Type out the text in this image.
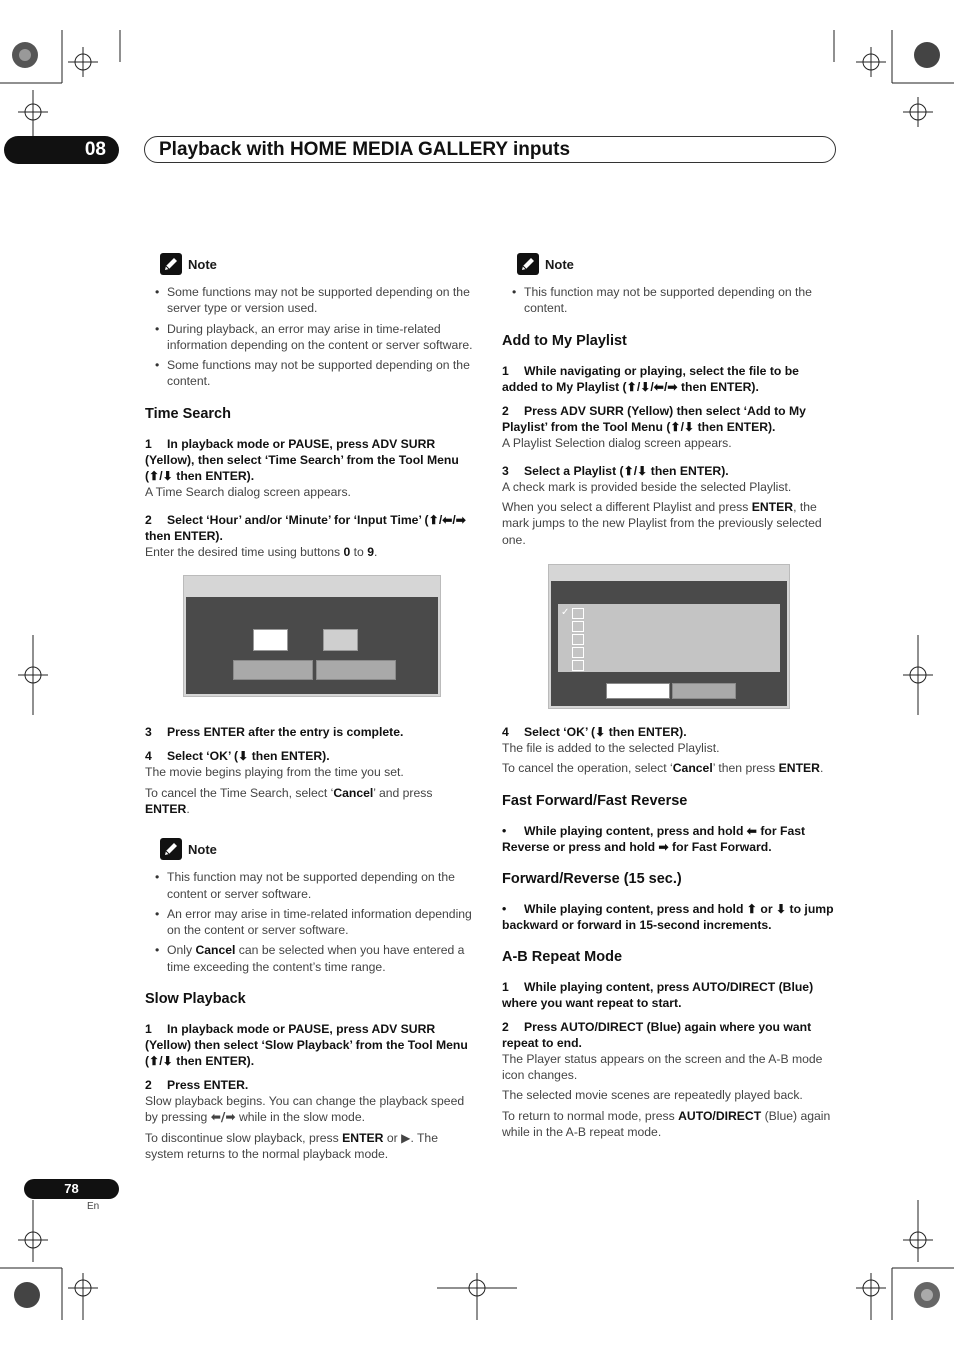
08	Playback with HOME MEDIA GALLERY inputs
Note
• Some functions may not be supported depending on the server type or version used.
• During playback, an error may arise in time-related information depending on the content or server software.
• Some functions may not be supported depending on the content.
Time Search

1 In playback mode or PAUSE, press ADV SURR (Yellow), then select ‘Time Search’ from the Tool Menu (⬆/⬇ then ENTER).

A Time Search dialog screen appears.

2 Select ‘Hour’ and/or ‘Minute’ for ‘Input Time’ (⬆/⬅/➡ then ENTER).

Enter the desired time using buttons 0 to 9.

3 Press ENTER after the entry is complete.

4 Select ‘OK’ (⬇ then ENTER).

The movie begins playing from the time you set.

To cancel the Time Search, select ‘Cancel’ and press ENTER.

Note
• This function may not be supported depending on the content or server software.
• An error may arise in time-related information depending on the content or server software.
• Only Cancel can be selected when you have entered a time exceeding the content’s time range.
Slow Playback

1 In playback mode or PAUSE, press ADV SURR (Yellow) then select ‘Slow Playback’ from the Tool Menu (⬆/⬇ then ENTER).

2 Press ENTER.

Slow playback begins. You can change the playback speed by pressing ⬅/➡ while in the slow mode.

To discontinue slow playback, press ENTER or ▶. The system returns to the normal playback mode.

Note
• This function may not be supported depending on the content.
Add to My Playlist

1 While navigating or playing, select the file to be added to My Playlist (⬆/⬇/⬅/➡ then ENTER).

2 Press ADV SURR (Yellow) then select ‘Add to My Playlist’ from the Tool Menu (⬆/⬇ then ENTER).

A Playlist Selection dialog screen appears.

3 Select a Playlist (⬆/⬇ then ENTER).

A check mark is provided beside the selected Playlist.

When you select a different Playlist and press ENTER, the mark jumps to the new Playlist from the previously selected one.

✓

4 Select ‘OK’ (⬇ then ENTER).

The file is added to the selected Playlist.

To cancel the operation, select ‘Cancel’ then press ENTER.

Fast Forward/Fast Reverse

• While playing content, press and hold ⬅ for Fast Reverse or press and hold ➡ for Fast Forward.

Forward/Reverse (15 sec.)

• While playing content, press and hold ⬆ or ⬇ to jump backward or forward in 15-second increments.

A-B Repeat Mode

1 While playing content, press AUTO/DIRECT (Blue) where you want repeat to start.

2 Press AUTO/DIRECT (Blue) again where you want repeat to end.

The Player status appears on the screen and the A-B mode icon changes.

The selected movie scenes are repeatedly played back.

To return to normal mode, press AUTO/DIRECT (Blue) again while in the A-B repeat mode.

78
En
